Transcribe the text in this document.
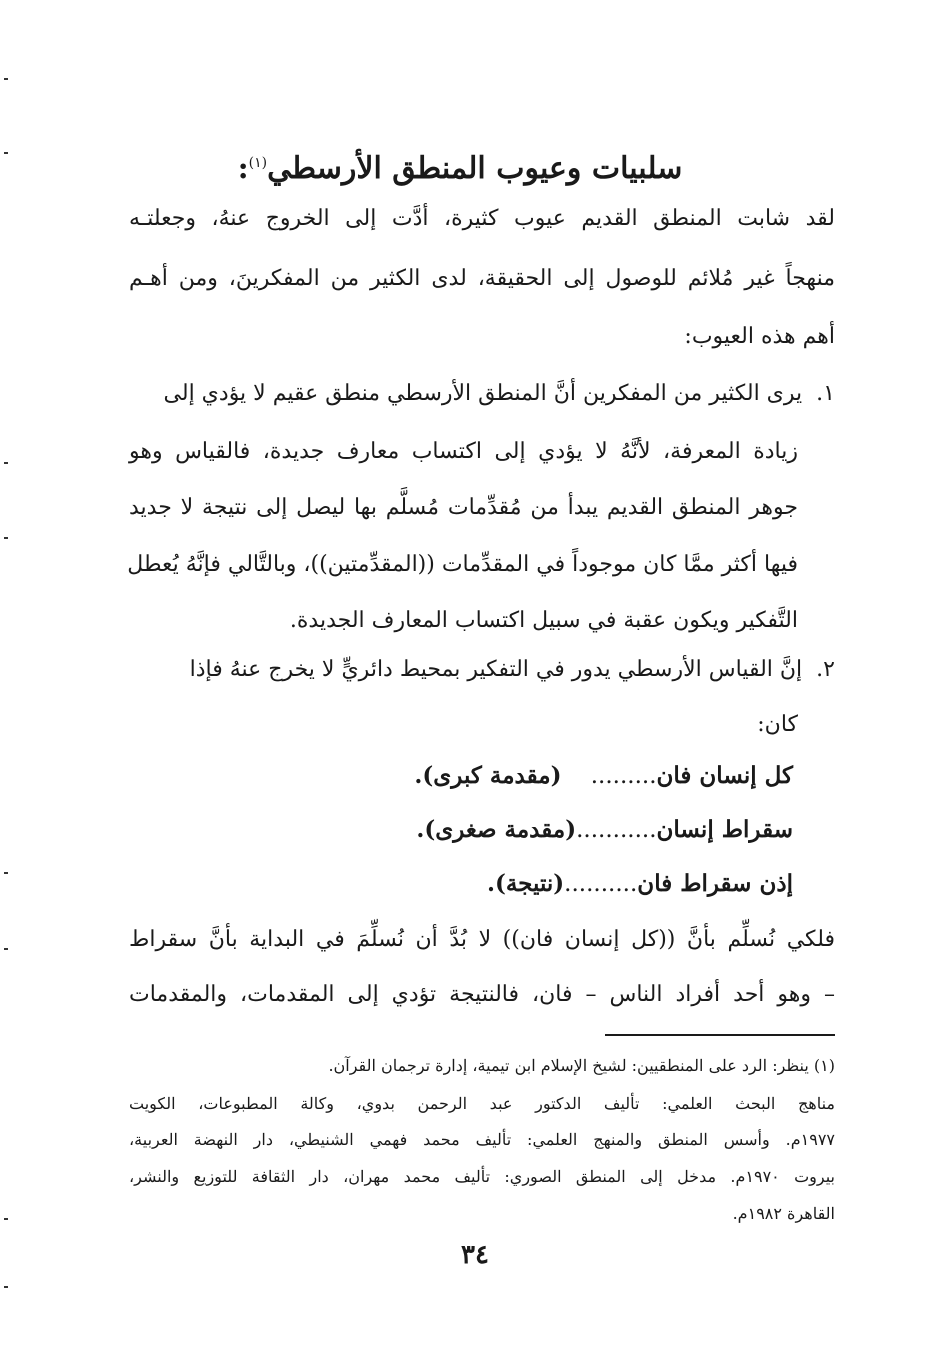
سلبيات وعيوب المنطق الأرسطي$^{(١)}$:
لقد شابت المنطق القديم عيوب كثيرة، أدَّت إلى الخروج عنهُ، وجعلتـه
منهجاً غير مُلائم للوصول إلى الحقيقة، لدى الكثير من المفكرينَ، ومن أهـم
أهم هذه العيوب:
١.  يرى الكثير من المفكرين أنَّ المنطق الأرسطي منطق عقيم لا يؤدي إلى
زيادة المعرفة، لأنَّهُ لا يؤدي إلى اكتساب معارف جديدة، فالقياس وهو
جوهر المنطق القديم يبدأ من مُقدِّمات مُسلَّم بها ليصل إلى نتيجة لا جديد
فيها أكثر ممَّا كان موجوداً في المقدِّمات ((المقدِّمتين))، وبالتَّالي فإنَّهُ يُعطل
التَّفكير ويكون عقبة في سبيل اكتساب المعارف الجديدة.
٢.  إنَّ القياس الأرسطي يدور في التفكير بمحيط دائريٍّ لا يخرج عنهُ فإذا
كان:
كل إنسان فان.........    (مقدمة كبرى).
سقراط إنسان...........(مقدمة صغرى).
إذن سقراط فان..........(نتيجة).
فلكي نُسلِّم بأنَّ ((كل إنسان فان)) لا بُدَّ أن نُسلِّمَ في البداية بأنَّ سقراط
– وهو أحد أفراد الناس – فان، فالنتيجة تؤدي إلى المقدمات، والمقدمات
(١) ينظر: الرد على المنطقيين: لشيخ الإسلام ابن تيمية، إدارة ترجمان القرآن.
مناهج البحث العلمي: تأليف الدكتور عبد الرحمن بدوي، وكالة المطبوعات، الكويت
١٩٧٧م. وأسس المنطق والمنهج العلمي: تأليف محمد فهمي الشنيطي، دار النهضة العربية،
بيروت ١٩٧٠م. مدخل إلى المنطق الصوري: تأليف محمد مهران، دار الثقافة للتوزيع والنشر،
القاهرة ١٩٨٢م.
٣٤
